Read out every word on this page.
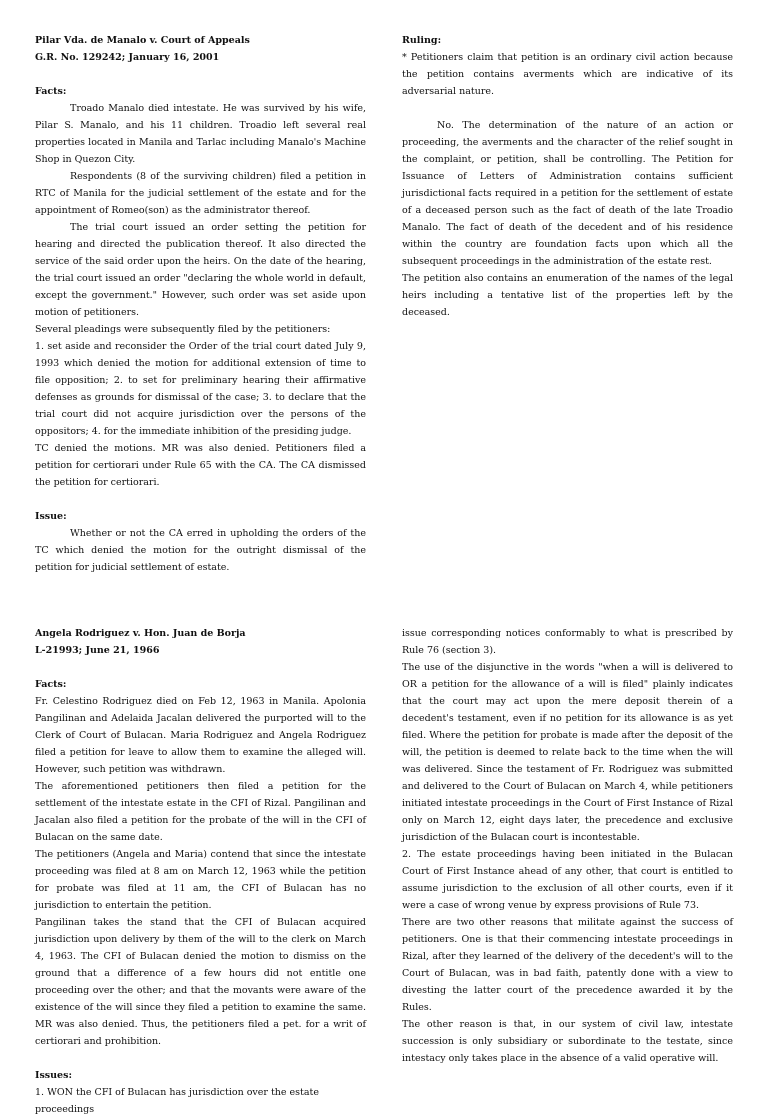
Pilar Vda. de Manalo v. Court of Appeals

G.R. No. 129242; January 16, 2001

Facts:

Troado Manalo died intestate. He was survived by his wife, Pilar S. Manalo, and his 11 children. Troadio left several real properties located in Manila and Tarlac including Manalo's Machine Shop in Quezon City.

Respondents (8 of the surviving children) filed a petition in RTC of Manila for the judicial settlement of the estate and for the appointment of Romeo(son) as the administrator thereof.

The trial court issued an order setting the petition for hearing and directed the publication thereof. It also directed the service of the said order upon the heirs. On the date of the hearing, the trial court issued an order "declaring the whole world in default, except the government." However, such order was set aside upon motion of petitioners.

Several pleadings were subsequently filed by the petitioners:

1. set aside and reconsider the Order of the trial court dated July 9, 1993 which denied the motion for additional extension of time to file opposition; 2. to set for preliminary hearing their affirmative defenses as grounds for dismissal of the case; 3. to declare that the trial court did not acquire jurisdiction over the persons of the oppositors; 4. for the immediate inhibition of the presiding judge.

TC denied the motions. MR was also denied. Petitioners filed a petition for certiorari under Rule 65 with the CA. The CA dismissed the petition for certiorari.

Issue:

Whether or not the CA erred in upholding the orders of the TC which denied the motion for the outright dismissal of the petition for judicial settlement of estate.

Ruling:

* Petitioners claim that petition is an ordinary civil action because the petition contains averments which are indicative of its adversarial nature.

No. The determination of the nature of an action or proceeding, the averments and the character of the relief sought in the complaint, or petition, shall be controlling. The Petition for Issuance of Letters of Administration contains sufficient jurisdictional facts required in a petition for the settlement of estate of a deceased person such as the fact of death of the late Troadio Manalo. The fact of death of the decedent and of his residence within the country are foundation facts upon which all the subsequent proceedings in the administration of the estate rest.

The petition also contains an enumeration of the names of the legal heirs including a tentative list of the properties left by the deceased.

Angela Rodriguez v. Hon. Juan de Borja

L-21993; June 21, 1966

Facts:

Fr. Celestino Rodriguez died on Feb 12, 1963 in Manila. Apolonia Pangilinan and Adelaida Jacalan delivered the purported will to the Clerk of Court of Bulacan. Maria Rodriguez and Angela Rodriguez filed a petition for leave to allow them to examine the alleged will. However, such petition was withdrawn.

The aforementioned petitioners then filed a petition for the settlement of the intestate estate in the CFI of Rizal. Pangilinan and Jacalan also filed a petition for the probate of the will in the CFI of Bulacan on the same date.

The petitioners (Angela and Maria) contend that since the intestate proceeding was filed at 8 am on March 12, 1963 while the petition for probate was filed at 11 am, the CFI of Bulacan has no jurisdiction to entertain the petition.

Pangilinan takes the stand that the CFI of Bulacan acquired jurisdiction upon delivery by them of the will to the clerk on March 4, 1963. The CFI of Bulacan denied the motion to dismiss on the ground that a difference of a few hours did not entitle one proceeding over the other; and that the movants were aware of the existence of the will since they filed a petition to examine the same. MR was also denied. Thus, the petitioners filed a pet. for a writ of certiorari and prohibition.

Issues:

1. WON the CFI of Bulacan has jurisdiction over the estate proceedings

issue corresponding notices conformably to what is prescribed by Rule 76 (section 3).

The use of the disjunctive in the words "when a will is delivered to OR a petition for the allowance of a will is filed" plainly indicates that the court may act upon the mere deposit therein of a decedent's testament, even if no petition for its allowance is as yet filed. Where the petition for probate is made after the deposit of the will, the petition is deemed to relate back to the time when the will was delivered. Since the testament of Fr. Rodriguez was submitted and delivered to the Court of Bulacan on March 4, while petitioners initiated intestate proceedings in the Court of First Instance of Rizal only on March 12, eight days later, the precedence and exclusive jurisdiction of the Bulacan court is incontestable.

2. The estate proceedings having been initiated in the Bulacan Court of First Instance ahead of any other, that court is entitled to assume jurisdiction to the exclusion of all other courts, even if it were a case of wrong venue by express provisions of Rule 73.

There are two other reasons that militate against the success of petitioners. One is that their commencing intestate proceedings in Rizal, after they learned of the delivery of the decedent's will to the Court of Bulacan, was in bad faith, patently done with a view to divesting the latter court of the precedence awarded it by the Rules.

The other reason is that, in our system of civil law, intestate succession is only subsidiary or subordinate to the testate, since intestacy only takes place in the absence of a valid operative will.
